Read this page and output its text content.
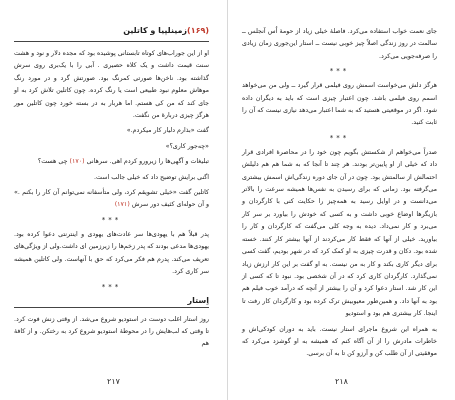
(۱۶۹)
زمینلپیا و کاتلین

او از این جوراب‌های کوتاه تابستانی پوشیده بود که مجده دلار و نود و هشت سنت قیمت داشت و یک کلاه حصیری . آبی را با یک‌بری روی سرش گذاشته بود. ناخن‌ها صورتی کمرنگ بود. صورتش گرد و در مورد رنگ موهاش معلوم نبود طبیعی است یا رنگ کرده. چون کاتلین تلاش کرد به او جای کند که من کی هستم. اما هربار به در بسته خورد چون کاتلین مور هرگز چیزی دربارهٔ من نگفت.

گفت «بذارم دلیار کار میکردم.»

«چه‌جور کاری؟»

تبلیغات و آگهی‌ها را زیرورو کردم اهی. سرهانی (۱۷۰) چی هست؟

اگنی برایش توضیح داد که خیلی جالب است.

کاتلین گفت «خیلی تشویقم کرد، ولی متأسفانه نمی‌توانم آن کار را بکنم .» و آن حوله‌ای کثیف دور سرش (۱۷۱)

***

پدر قبلاً هم با یهودی‌ها سر عادت‌های یهودی و اینترنتی دعوا کرده بود. یهودی‌ها مدعی بودند که پدر زخم‌ها را زیرزمین ای داشت.ولی از ویژگی‌های تعریف می‌کند. پدرم هم فکر می‌کرد که حق با آنهاست. ولی کاتلین همیشه سر کاری کرد.

***
اِستار

روز استار اغلب دوست در استودیو شروع می‌شد. از وقتی زنش فوت کرد. تا وقتی که لب‌هایش را در محوطهٔ استودیو شروع کرد به رختکن. و از کافهٔ هم

۲۱۷

جای نعمت خواب استفاده می‌کرد. فاصلهٔ خیلی زیاد از حومهٔ اُس آنجلس ــ سالمت در روز زندگی اصلاً چیز خوبی نیست ــ استار این‌جوری زمان زیادی را صرفه‌جویی می‌کرد.

***

هرگز دلش می‌خواست اسمش روی فیلمی قرار گیرد ــ ولی من می‌خواهد اسمم روی فیلمی باشد. چون اعتبار چیزی است که باید به دیگران داده شود. اگر در موقعیتی هستید که به شما اعتبار می‌دهد نیازی نیست که آن را ثابت کنید.

***

صدراً می‌خواهم از شکستش بگویم چون خود را در محاصرهٔ افرادی قرار داد که خیلی از او پایین‌تر بودند. هر چند تا آنجا که به شما هم هم دلیلش احتمالش از سالمتش بود. چون در آن جای دوره زندگی‌اش اسمش بیشتری می‌گرفته بود. زمانی که برای رسیدن به نفس‌ها همیشه سرعت را بالاتر می‌دانست و در اوایل رسید به همه‌چیز را حکایت کنی با کارگردان و بازیگرها اوضاع خوبی داشت و به کسی که خودش را بیاورد بر سر کار می‌برد و کار نمی‌داد. دیده به وجه کلی می‌گفت که کارگردان و کار را بیاورید. خیلی از آنها که فقط کار می‌کردند از آنها بیشتر کار کنند. خسته شده بود. دکان و قدرت چیزی به او کمک کرد که در شهر بودیم، گفت کسی برای دیگر کاری بکند و کار به من نیست. به او گفت بر این کار ارزش زیاد نمی‌گذارد. کارگردان کاری کرد که در آن شخصی بود. نبود تا که کسی از این کار شد. استار دعوا کرد و آن را بیشتر از آنچه که درآمد خوب فیلم هم بود به آنها داد. و همین‌طور معیوبیش ترک کرده بود و کارگردان کار رفت تا اینجا. کار بیشتری هم بود و استودیو

به همراه این شروع ماجرای استار نیست. باید به دوران کودکی‌اش و خاطرات مادرش را از آن آگاه کنم که همیشه به او گوشزد می‌کرد که موفقیتی از آن طلب کن و آرزو کن تا به آن برسی.

۲۱۸
